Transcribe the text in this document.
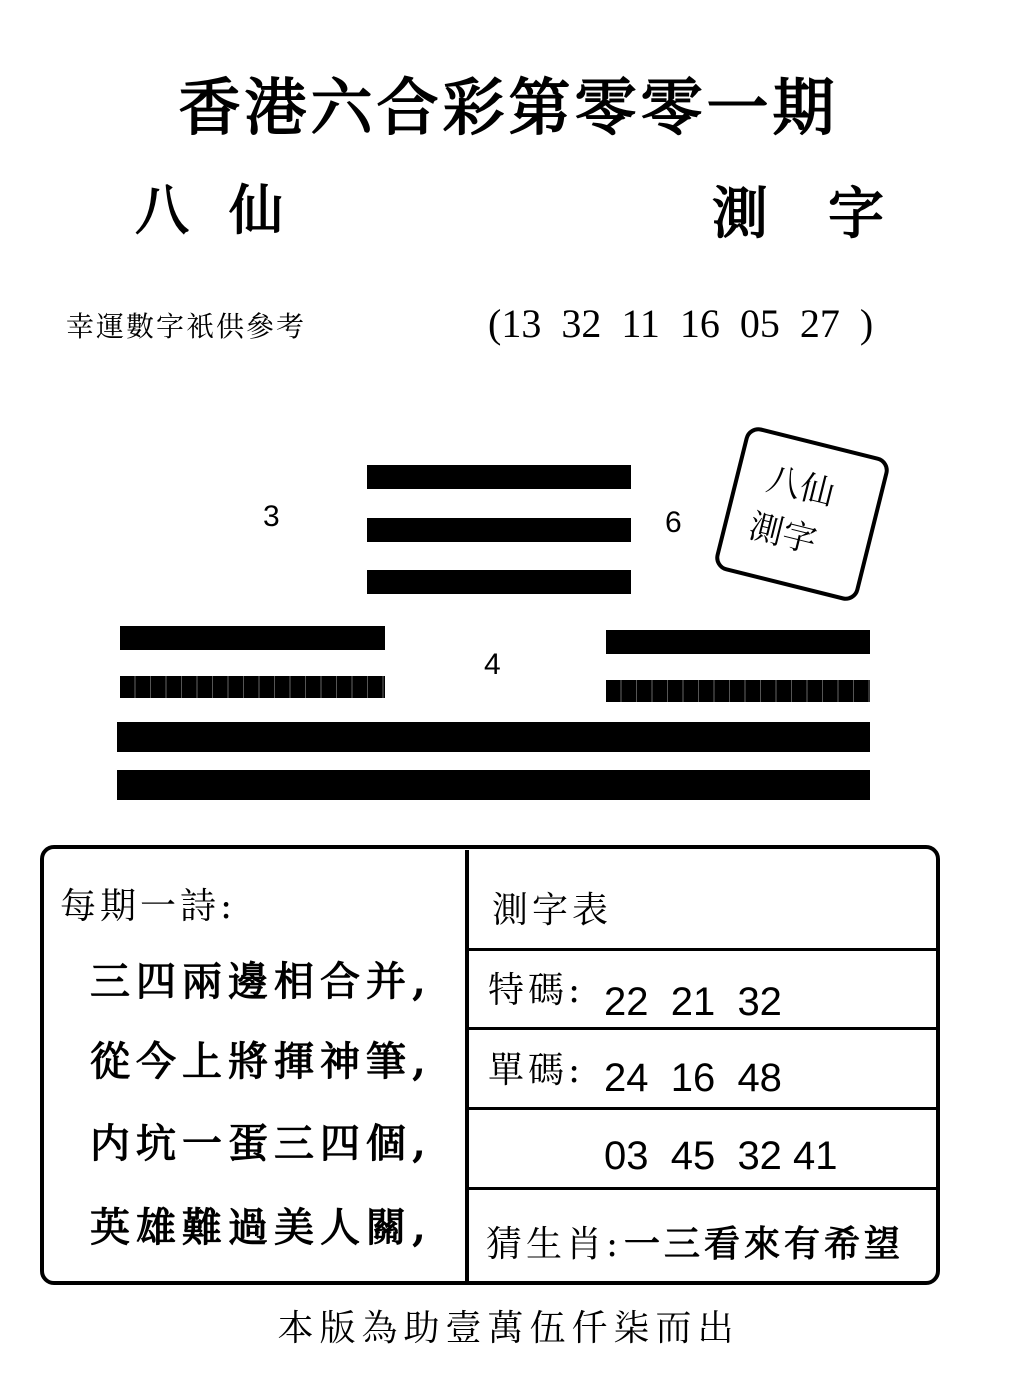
香港六合彩第零零一期
八仙	測字
幸運數字衹供參考	(13 32 11 16 05 27 )
3	6
4
八仙
測字
每期一詩:
三四兩邊相合并,
從今上將揮神筆,
内坑一蛋三四個,
英雄難過美人關,
測字表
特碼: 22  21  32
單碼: 24  16  48
03  45  32 41
猜生肖: 一三看來有希望
本版為助壹萬伍仟柒而出
